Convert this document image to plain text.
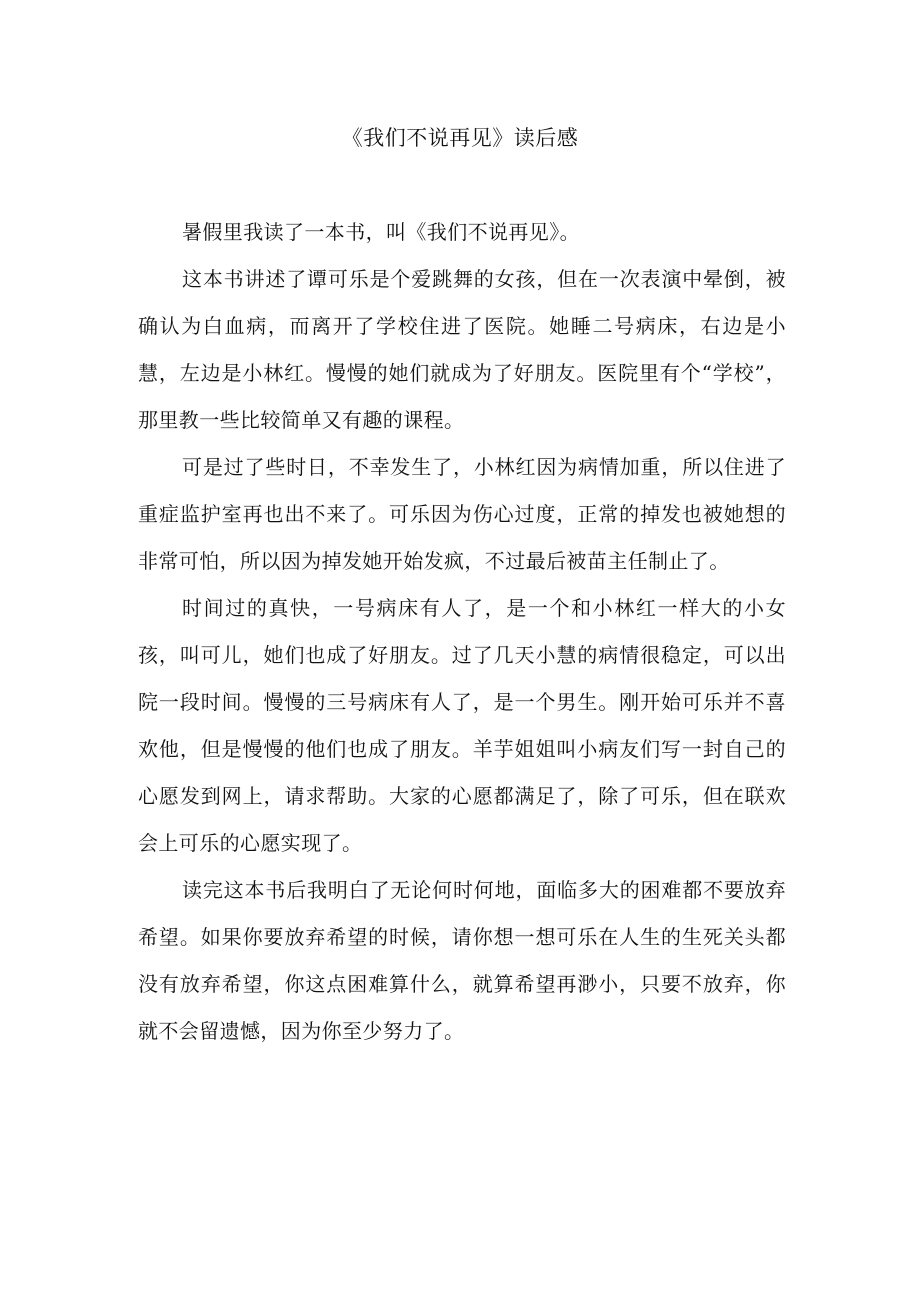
《我们不说再见》读后感

暑假里我读了一本书，叫《我们不说再见》。

这本书讲述了谭可乐是个爱跳舞的女孩，但在一次表演中晕倒，被确认为白血病，而离开了学校住进了医院。她睡二号病床，右边是小慧，左边是小林红。慢慢的她们就成为了好朋友。医院里有个“学校”，那里教一些比较简单又有趣的课程。

可是过了些时日，不幸发生了，小林红因为病情加重，所以住进了重症监护室再也出不来了。可乐因为伤心过度，正常的掉发也被她想的非常可怕，所以因为掉发她开始发疯，不过最后被苗主任制止了。

时间过的真快，一号病床有人了，是一个和小林红一样大的小女孩，叫可儿，她们也成了好朋友。过了几天小慧的病情很稳定，可以出院一段时间。慢慢的三号病床有人了，是一个男生。刚开始可乐并不喜欢他，但是慢慢的他们也成了朋友。羊芋姐姐叫小病友们写一封自己的心愿发到网上，请求帮助。大家的心愿都满足了，除了可乐，但在联欢会上可乐的心愿实现了。

读完这本书后我明白了无论何时何地，面临多大的困难都不要放弃希望。如果你要放弃希望的时候，请你想一想可乐在人生的生死关头都没有放弃希望，你这点困难算什么，就算希望再渺小，只要不放弃，你就不会留遗憾，因为你至少努力了。
